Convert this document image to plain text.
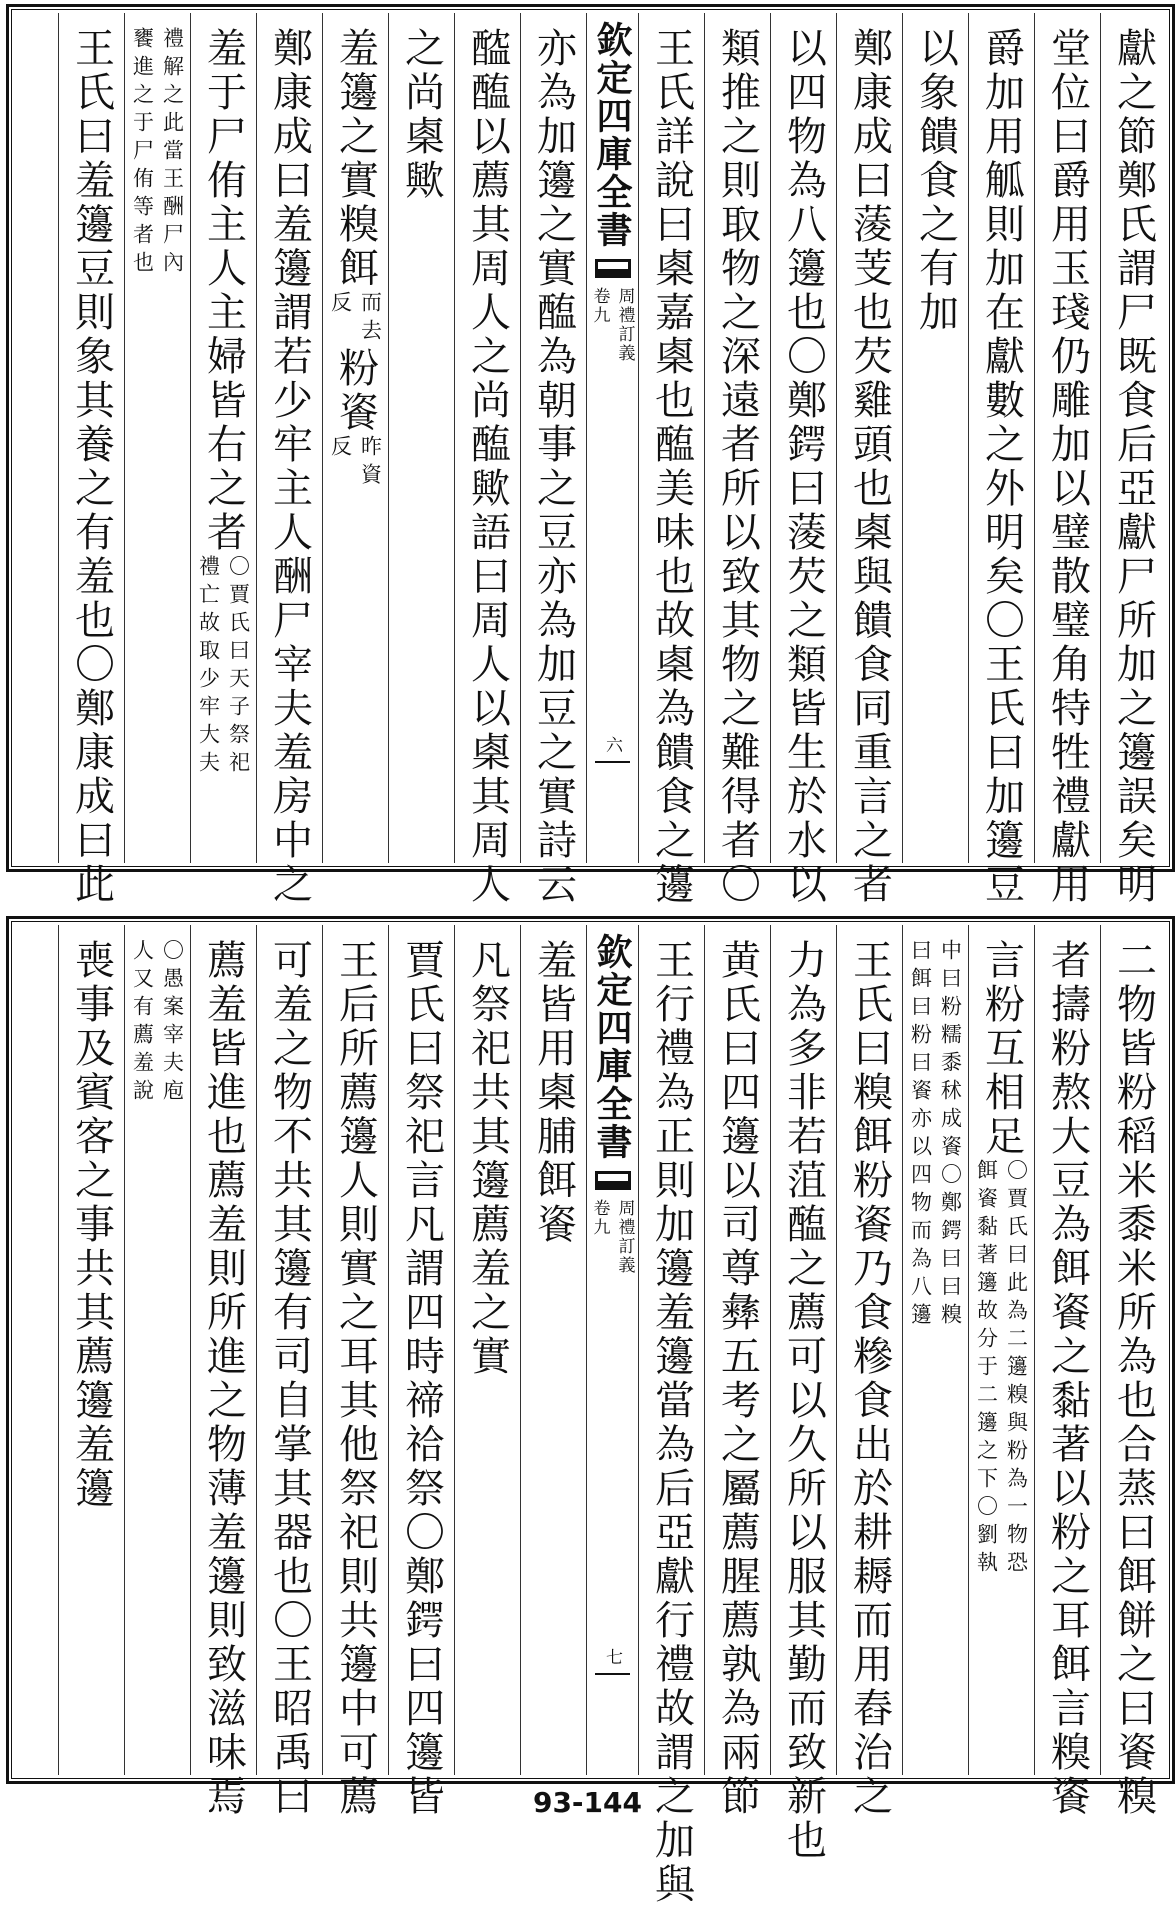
獻之節鄭氏謂尸既食后亞獻尸所加之籩誤矣明
堂位曰爵用玉琖仍雕加以璧散璧角特牲禮獻用
爵加用觚則加在獻數之外明矣〇王氏曰加籩豆
以象饋食之有加
鄭康成曰蔆芰也芡雞頭也㮚與饋食同重言之者
以四物為八籩也〇鄭鍔曰蔆芡之類皆生於水以
類推之則取物之深遠者所以致其物之難得者〇
王氏詳說曰㮚嘉㮚也醢美味也故㮚為饋食之籩
欽定四庫全書
周禮訂義
卷九
六
亦為加籩之實醢為朝事之豆亦為加豆之實詩云
醓醢以薦其周人之尚醢歟語曰周人以㮚其周人
之尚㮚歟
羞籩之實糗餌
而去
反
粉餈
昨資
反
鄭康成曰羞籩謂若少牢主人酬尸宰夫羞房中之
羞于尸侑主人主婦皆右之者
〇賈氏曰天子祭祀
禮亡故取少牢大夫
禮解之此當王酬尸內
饔進之于尸侑等者也
王氏曰羞籩豆則象其養之有羞也〇鄭康成曰此
二物皆粉稻米黍米所為也合蒸曰餌餅之曰餈糗
者擣粉熬大豆為餌餈之黏著以粉之耳餌言糗餈
言粉互相足
〇賈氏曰此為二籩糗與粉為一物恐
餌餈黏著籩故分于二籩之下〇劉執
中曰粉糯黍秫成餈〇鄭鍔曰曰糗
曰餌曰粉曰餈亦以四物而為八籩
王氏曰糗餌粉餈乃食糝食出於耕耨而用舂治之
力為多非若菹醢之薦可以久所以服其勤而致新也
黄氏曰四籩以司尊彝五考之屬薦腥薦孰為兩節
王行禮為正則加籩羞籩當為后亞獻行禮故謂之加與
欽定四庫全書
周禮訂義
卷九
七
羞皆用㮚脯餌餈
凡祭祀共其籩薦羞之實
賈氏曰祭祀言凡謂四時禘祫祭〇鄭鍔曰四籩皆
王后所薦籩人則實之耳其他祭祀則共籩中可薦
可羞之物不共其籩有司自掌其器也〇王昭禹曰
薦羞皆進也薦羞則所進之物薄羞籩則致滋味焉
〇愚案宰夫庖
人又有薦羞說
喪事及賓客之事共其薦籩羞籩
93-144
